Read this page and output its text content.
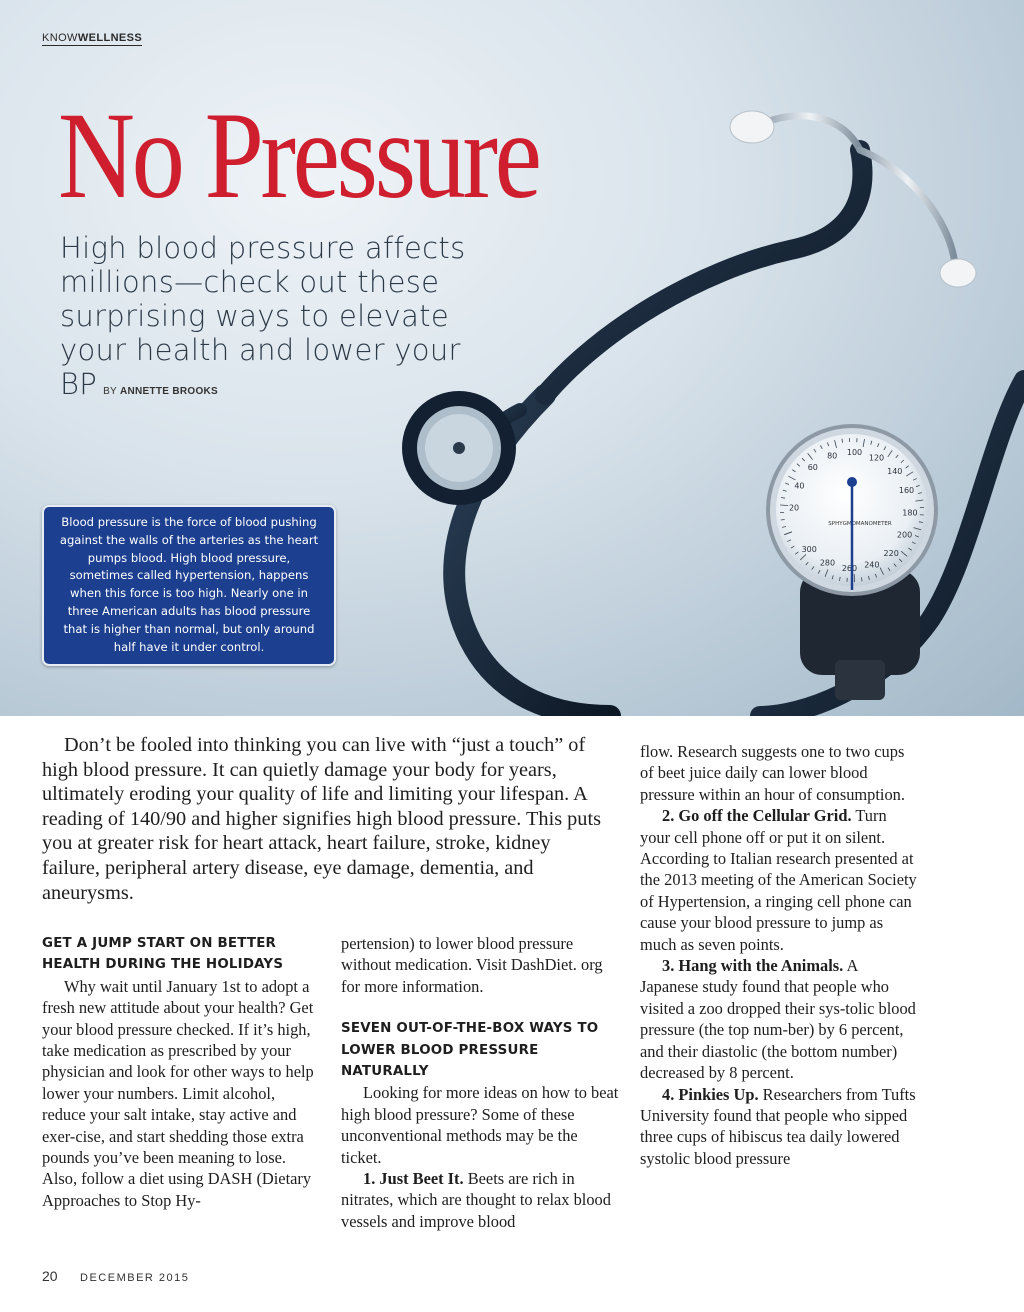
20
40
60
80 100
120
140
160
180
200
220
240
260
280
300
SPHYGMOMANOMETER
KNOWWELLNESS
No Pressure

High blood pressure affects millions—check out these surprising ways to elevate your health and lower your BP BY ANNETTE BROOKS

Blood pressure is the force of blood pushing against the walls of the arteries as the heart pumps blood. High blood pressure, sometimes called hypertension, happens when this force is too high. Nearly one in three American adults has blood pressure that is higher than normal, but only around half have it under control.

Don’t be fooled into thinking you can live with “just a touch” of high blood pressure. It can quietly damage your body for years, ultimately eroding your quality of life and limiting your lifespan. A reading of 140/90 and higher signifies high blood pressure. This puts you at greater risk for heart attack, heart failure, stroke, kidney failure, peripheral artery disease, eye damage, dementia, and aneurysms.

GET A JUMP START ON BETTER HEALTH DURING THE HOLIDAYS

Why wait until January 1st to adopt a fresh new attitude about your health? Get your blood pressure checked. If it’s high, take medication as prescribed by your physician and look for other ways to help lower your numbers. Limit alcohol, reduce your salt intake, stay active and exer-cise, and start shedding those extra pounds you’ve been meaning to lose. Also, follow a diet using DASH (Dietary Approaches to Stop Hy-

pertension) to lower blood pressure without medication. Visit DashDiet. org for more information.

SEVEN OUT-OF-THE-BOX WAYS TO LOWER BLOOD PRESSURE NATURALLY

Looking for more ideas on how to beat high blood pressure? Some of these unconventional methods may be the ticket.

1. Just Beet It. Beets are rich in nitrates, which are thought to relax blood vessels and improve blood

flow. Research suggests one to two cups of beet juice daily can lower blood pressure within an hour of consumption.

2. Go off the Cellular Grid. Turn your cell phone off or put it on silent. According to Italian research presented at the 2013 meeting of the American Society of Hypertension, a ringing cell phone can cause your blood pressure to jump as much as seven points.

3. Hang with the Animals. A Japanese study found that people who visited a zoo dropped their sys-tolic blood pressure (the top num-ber) by 6 percent, and their diastolic (the bottom number) decreased by 8 percent.

4. Pinkies Up. Researchers from Tufts University found that people who sipped three cups of hibiscus tea daily lowered systolic blood pressure

20 DECEMBER 2015
